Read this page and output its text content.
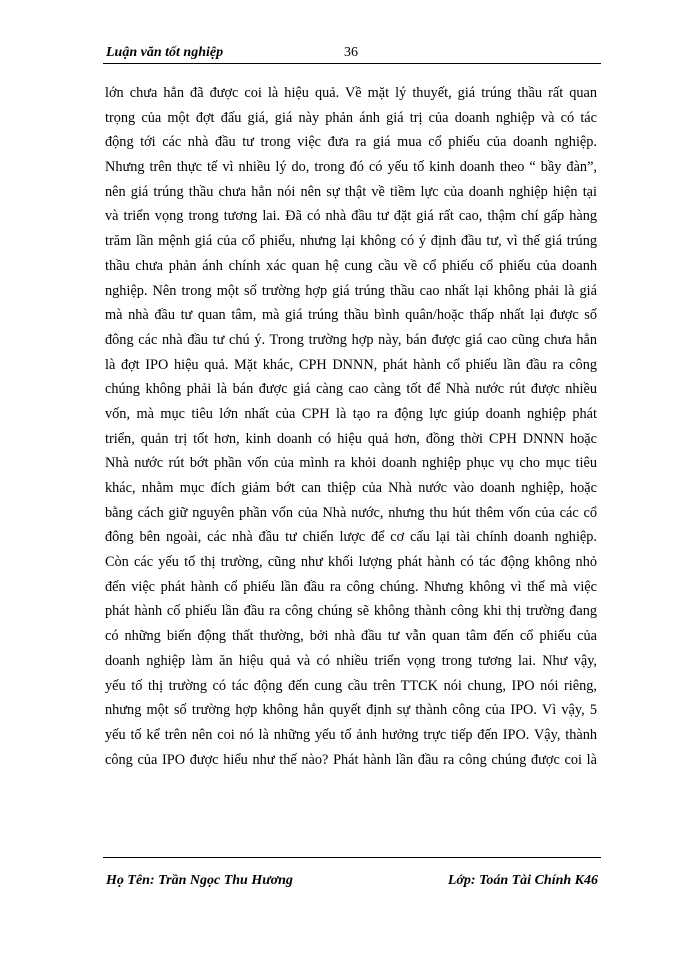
Luận văn tốt nghiệp	36
lớn chưa hẳn đã được coi là hiệu quả. Về mặt lý thuyết, giá trúng thầu rất quan
trọng của một đợt đấu giá, giá này phản ánh giá trị của doanh nghiệp và có tác
động tới các nhà đầu tư trong việc đưa ra giá mua cổ phiếu của doanh nghiệp.
Nhưng trên thực tế vì nhiều lý do, trong đó có yếu tố kinh doanh theo “ bầy đàn”,
nên giá trúng thầu chưa hẳn nói nên sự thật về tiềm lực của doanh nghiệp hiện tại
và triển vọng trong tương lai. Đã có nhà đầu tư đặt giá rất cao, thậm chí gấp hàng
trăm lần mệnh giá của cổ phiếu, nhưng lại không có ý định đầu tư, vì thế giá trúng
thầu chưa phản ánh chính xác quan hệ cung cầu về cổ phiếu cổ phiếu của doanh
nghiệp. Nên trong một số trường hợp giá trúng thầu cao nhất lại không phải là giá
mà nhà đầu tư quan tâm, mà giá trúng thầu bình quân/hoặc thấp nhất lại được số
đông các nhà đầu tư chú ý. Trong trường hợp này, bán được giá cao cũng chưa hẳn
là đợt IPO hiệu quả. Mặt khác, CPH DNNN, phát hành cổ phiếu lần đầu ra công
chúng không phải là bán được giá càng cao càng tốt để Nhà nước rút được nhiều
vốn, mà mục tiêu lớn nhất của CPH là tạo ra động lực giúp doanh nghiệp phát
triển, quản trị tốt hơn, kinh doanh có hiệu quả hơn, đồng thời CPH DNNN hoặc
Nhà nước rút bớt phần vốn của mình ra khỏi doanh nghiệp phục vụ cho mục tiêu
khác, nhằm mục đích giảm bớt can thiệp của Nhà nước vào doanh nghiệp, hoặc
bằng cách giữ nguyên phần vốn của Nhà nước, nhưng thu hút thêm vốn của các cổ
đông bên ngoài, các nhà đầu tư chiến lược để cơ cấu lại tài chính doanh nghiệp.
Còn các yếu tố thị trường, cũng như khối lượng phát hành có tác động không nhỏ
đến việc phát hành cổ phiếu lần đầu ra công chúng. Nhưng không vì thế mà việc
phát hành cổ phiếu lần đầu ra công chúng sẽ không thành công khi thị trường đang
có những biến động thất thường, bởi nhà đầu tư vẫn quan tâm đến cổ phiếu của
doanh nghiệp làm ăn hiệu quả và có nhiều triển vọng trong tương lai. Như vậy,
yếu tố thị trường có tác động đến cung cầu trên TTCK nói chung, IPO nói riêng,
nhưng một số trường hợp không hẳn quyết định sự thành công của IPO. Vì vậy, 5
yếu tố kể trên nên coi nó là những yếu tố ảnh hưởng trực tiếp đến IPO. Vậy, thành
công của IPO được hiểu như thế nào? Phát hành lần đầu ra công chúng được coi là
Họ Tên: Trần Ngọc Thu Hương	Lớp: Toán Tài Chính K46
